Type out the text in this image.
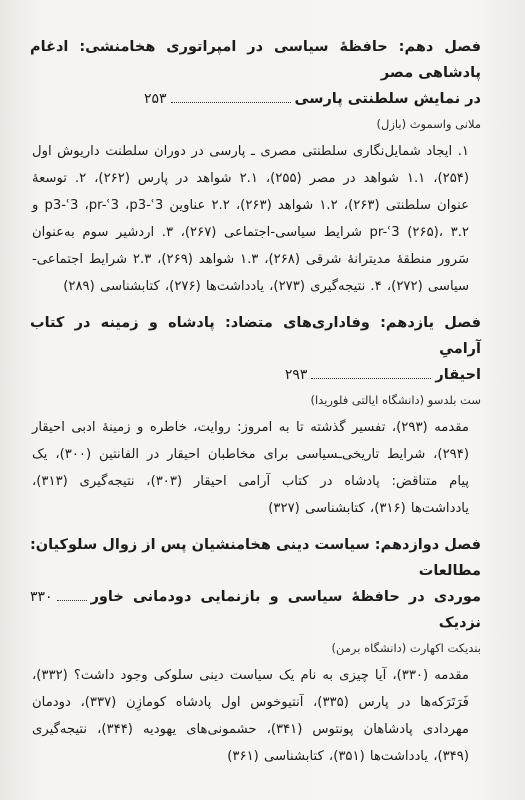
فصل دهم: حافظهٔ سیاسی در امپراتوری هخامنشی: ادغام پادشاهی مصر
در نمایش سلطنتی پارسی
۲۵۳
ملانی واسموث (بازل)
۱. ایجاد شمایل‌نگاری سلطنتی مصری ـ پارسی در دوران سلطنت داریوش اول (۲۵۴)، ۱.۱ شواهد در مصر (۲۵۵)، ۲.۱ شواهد در پارس (۲۶۲)، ۲. توسعهٔ عنوان سلطنتی (۲۶۳)، ۱.۲ شواهد (۲۶۳)، ۲.۲ عناوین p3-ʿ3 ،pr-ʿ3 ،p3-ʿ3 و pr-ʿ3 (۲۶۵)، ۳.۲ شرایط سیاسی-اجتماعی (۲۶۷)، ۳. اردشیر سوم به‌عنوان سَرور منطقهٔ مدیترانهٔ شرقی (۲۶۸)، ۱.۳ شواهد (۲۶۹)، ۲.۳ شرایط اجتماعی-سیاسی (۲۷۲)، ۴. نتیجه‌گیری (۲۷۳)، یادداشت‌ها (۲۷۶)، کتابشناسی (۲۸۹)
فصل یازدهم: وفاداری‌های متضاد: پادشاه و زمینه در کتاب آرامیِ
احیقار
۲۹۳
ست بلدسو (دانشگاه ایالتی فلوریدا)
مقدمه (۲۹۳)، تفسیر گذشته تا به امروز: روایت، خاطره و زمینهٔ ادبی احیقار (۲۹۴)، شرایط تاریخی‌ـسیاسی برای مخاطبان احیقار در الفانتین (۳۰۰)، یک پیام متناقض: پادشاه در کتاب آرامی احیقار (۳۰۳)، نتیجه‌گیری (۳۱۳)، یادداشت‌ها (۳۱۶)، کتابشناسی (۳۲۷)
فصل دوازدهم: سیاست دینی هخامنشیان پس از زوال سلوکیان: مطالعات
موردی در حافظهٔ سیاسی و بازنمایی دودمانی خاور نزدیک
۳۳۰
بندیکت اکهارت (دانشگاه برمن)
مقدمه (۳۳۰)، آیا چیزی به نام یک سیاست دینی سلوکی وجود داشت؟ (۳۳۲)، فَرَتَرَکه‌ها در پارس (۳۳۵)، آنتیوخوس اول پادشاه کومازِن (۳۳۷)، دودمان مهردادی پادشاهان پونتوس (۳۴۱)، حشمونی‌های یهودیه (۳۴۴)، نتیجه‌گیری (۳۴۹)، یادداشت‌ها (۳۵۱)، کتابشناسی (۳۶۱)
